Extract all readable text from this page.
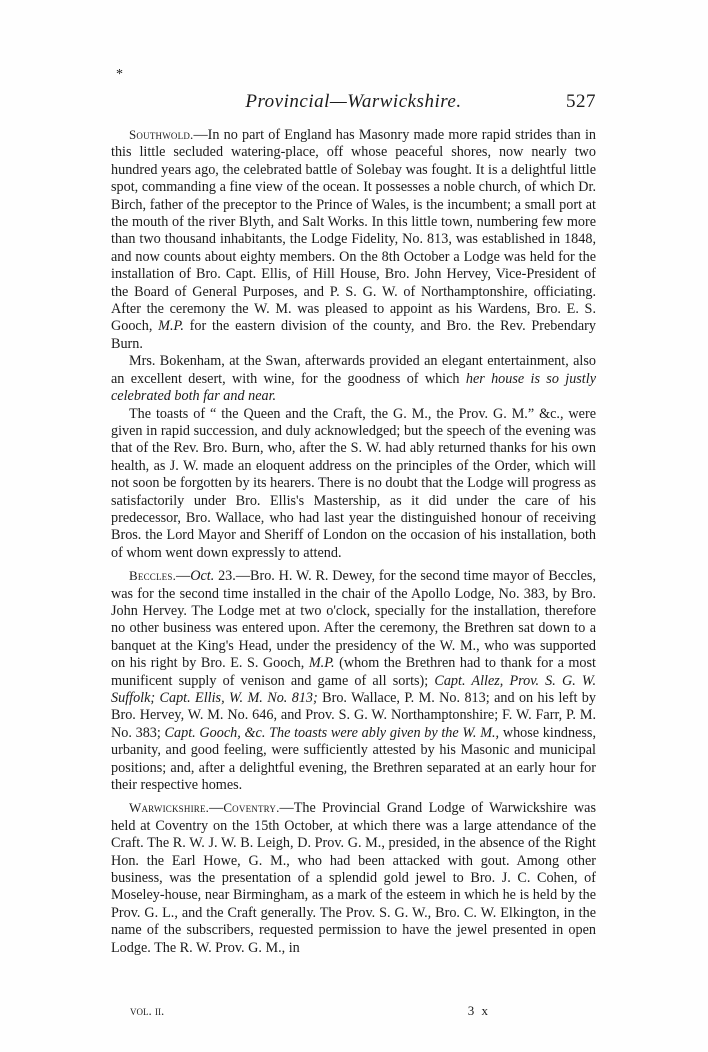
*
Provincial—Warwickshire.	527

Southwold.—In no part of England has Masonry made more rapid strides than in this little secluded watering-place, off whose peaceful shores, now nearly two hundred years ago, the celebrated battle of Solebay was fought. It is a delightful little spot, commanding a fine view of the ocean. It possesses a noble church, of which Dr. Birch, father of the preceptor to the Prince of Wales, is the incumbent; a small port at the mouth of the river Blyth, and Salt Works. In this little town, numbering few more than two thousand inhabitants, the Lodge Fidelity, No. 813, was established in 1848, and now counts about eighty members. On the 8th October a Lodge was held for the installation of Bro. Capt. Ellis, of Hill House, Bro. John Hervey, Vice-President of the Board of General Purposes, and P. S. G. W. of Northamptonshire, officiating. After the ceremony the W. M. was pleased to appoint as his Wardens, Bro. E. S. Gooch, M.P. for the eastern division of the county, and Bro. the Rev. Prebendary Burn.

Mrs. Bokenham, at the Swan, afterwards provided an elegant entertainment, also an excellent desert, with wine, for the goodness of which her house is so justly celebrated both far and near.

The toasts of “ the Queen and the Craft, the G. M., the Prov. G. M.” &c., were given in rapid succession, and duly acknowledged; but the speech of the evening was that of the Rev. Bro. Burn, who, after the S. W. had ably returned thanks for his own health, as J. W. made an eloquent address on the principles of the Order, which will not soon be forgotten by its hearers. There is no doubt that the Lodge will progress as satisfactorily under Bro. Ellis's Mastership, as it did under the care of his predecessor, Bro. Wallace, who had last year the distinguished honour of receiving Bros. the Lord Mayor and Sheriff of London on the occasion of his installation, both of whom went down expressly to attend.

Beccles.—Oct. 23.—Bro. H. W. R. Dewey, for the second time mayor of Beccles, was for the second time installed in the chair of the Apollo Lodge, No. 383, by Bro. John Hervey. The Lodge met at two o'clock, specially for the installation, therefore no other business was entered upon. After the ceremony, the Brethren sat down to a banquet at the King's Head, under the presidency of the W. M., who was supported on his right by Bro. E. S. Gooch, M.P. (whom the Brethren had to thank for a most munificent supply of venison and game of all sorts); Capt. Allez, Prov. S. G. W. Suffolk; Capt. Ellis, W. M. No. 813; Bro. Wallace, P. M. No. 813; and on his left by Bro. Hervey, W. M. No. 646, and Prov. S. G. W. Northamptonshire; F. W. Farr, P. M. No. 383; Capt. Gooch, &c. The toasts were ably given by the W. M., whose kindness, urbanity, and good feeling, were sufficiently attested by his Masonic and municipal positions; and, after a delightful evening, the Brethren separated at an early hour for their respective homes.

Warwickshire.—Coventry.—The Provincial Grand Lodge of Warwickshire was held at Coventry on the 15th October, at which there was a large attendance of the Craft. The R. W. J. W. B. Leigh, D. Prov. G. M., presided, in the absence of the Right Hon. the Earl Howe, G. M., who had been attacked with gout. Among other business, was the presentation of a splendid gold jewel to Bro. J. C. Cohen, of Moseley-house, near Birmingham, as a mark of the esteem in which he is held by the Prov. G. L., and the Craft generally. The Prov. S. G. W., Bro. C. W. Elkington, in the name of the subscribers, requested permission to have the jewel presented in open Lodge. The R. W. Prov. G. M., in

vol. ii.	3 x
